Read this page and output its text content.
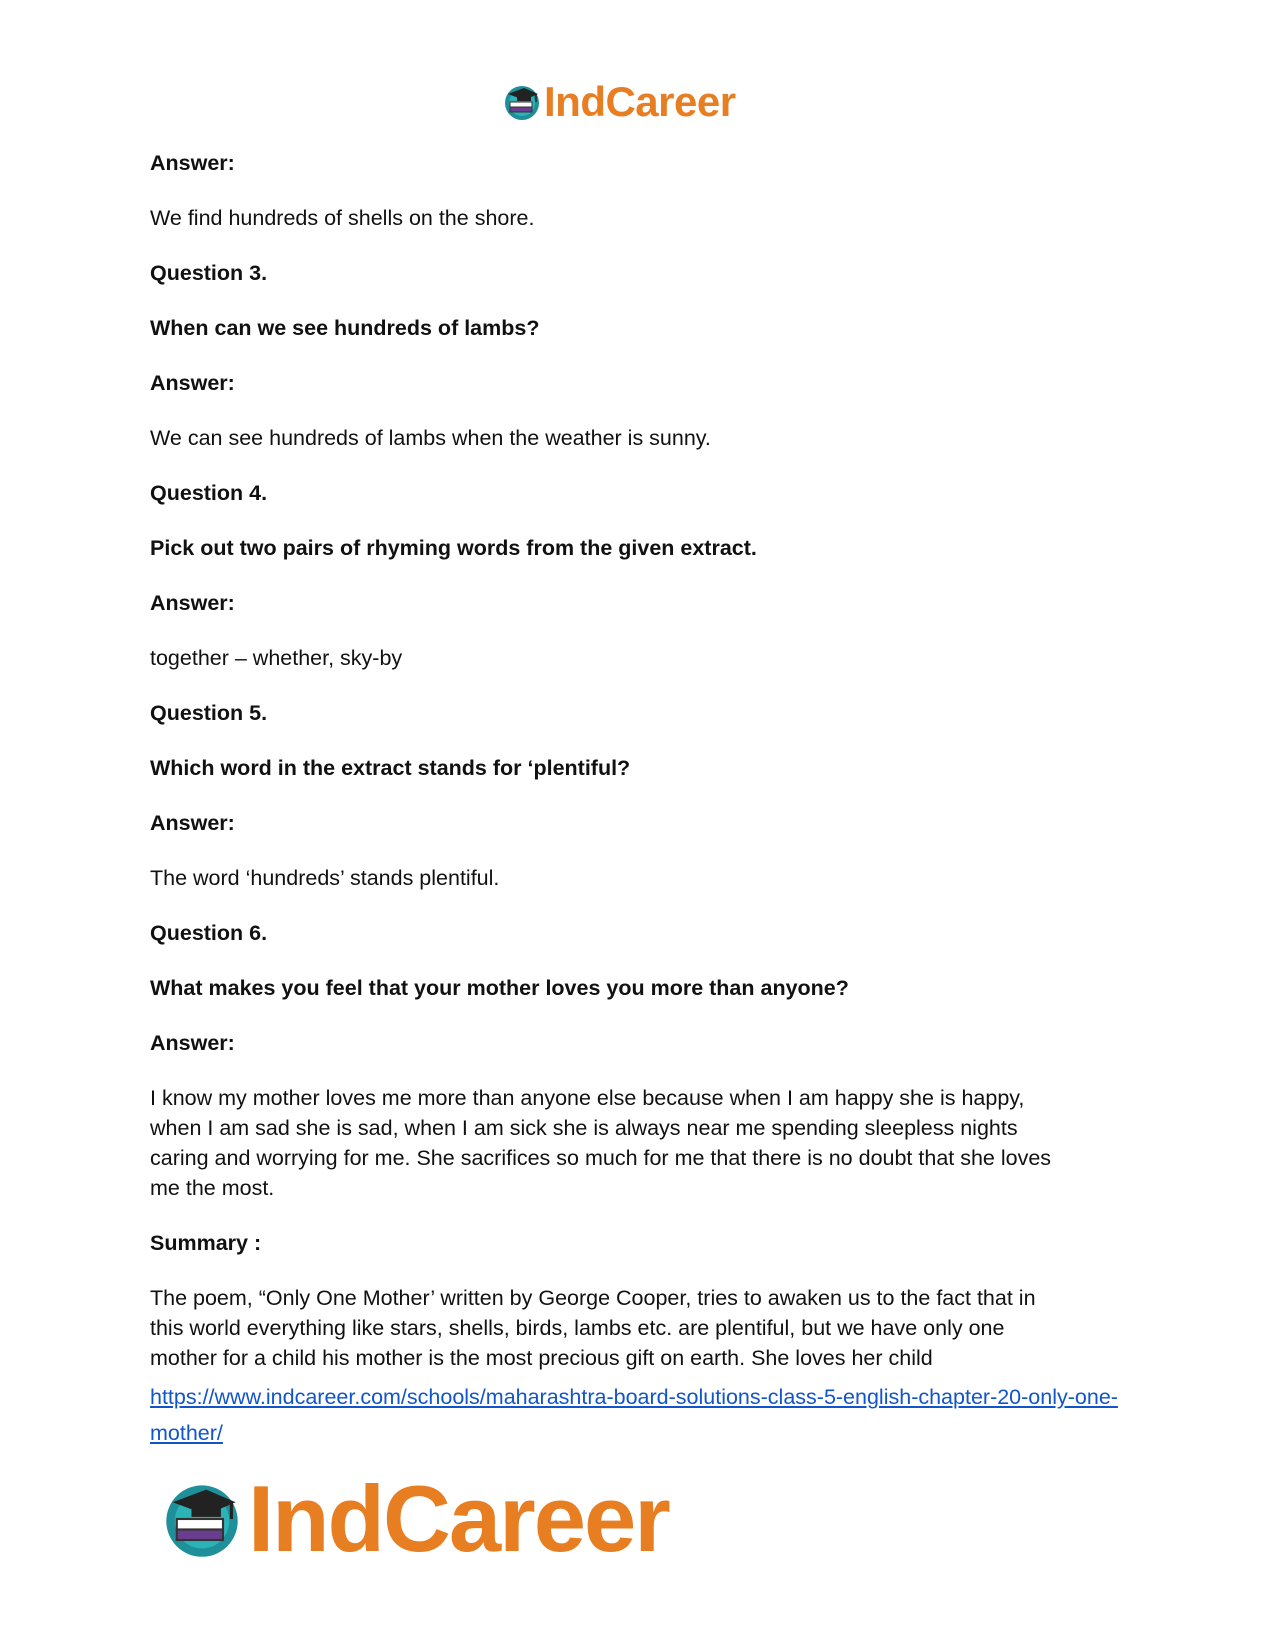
IndCareer

Answer:

We find hundreds of shells on the shore.

Question 3.

When can we see hundreds of lambs?

Answer:

We can see hundreds of lambs when the weather is sunny.

Question 4.

Pick out two pairs of rhyming words from the given extract.

Answer:

together – whether, sky-by

Question 5.

Which word in the extract stands for ‘plentiful?

Answer:

The word ‘hundreds’ stands plentiful.

Question 6.

What makes you feel that your mother loves you more than anyone?

Answer:

I know my mother loves me more than anyone else because when I am happy she is happy,
when I am sad she is sad, when I am sick she is always near me spending sleepless nights
caring and worrying for me. She sacrifices so much for me that there is no doubt that she loves
me the most.

Summary :

The poem, “Only One Mother’ written by George Cooper, tries to awaken us to the fact that in
this world everything like stars, shells, birds, lambs etc. are plentiful, but we have only one
mother for a child his mother is the most precious gift on earth. She loves her child
https://www.indcareer.com/schools/maharashtra-board-solutions-class-5-english-chapter-20-only-one-mother/
IndCareer
